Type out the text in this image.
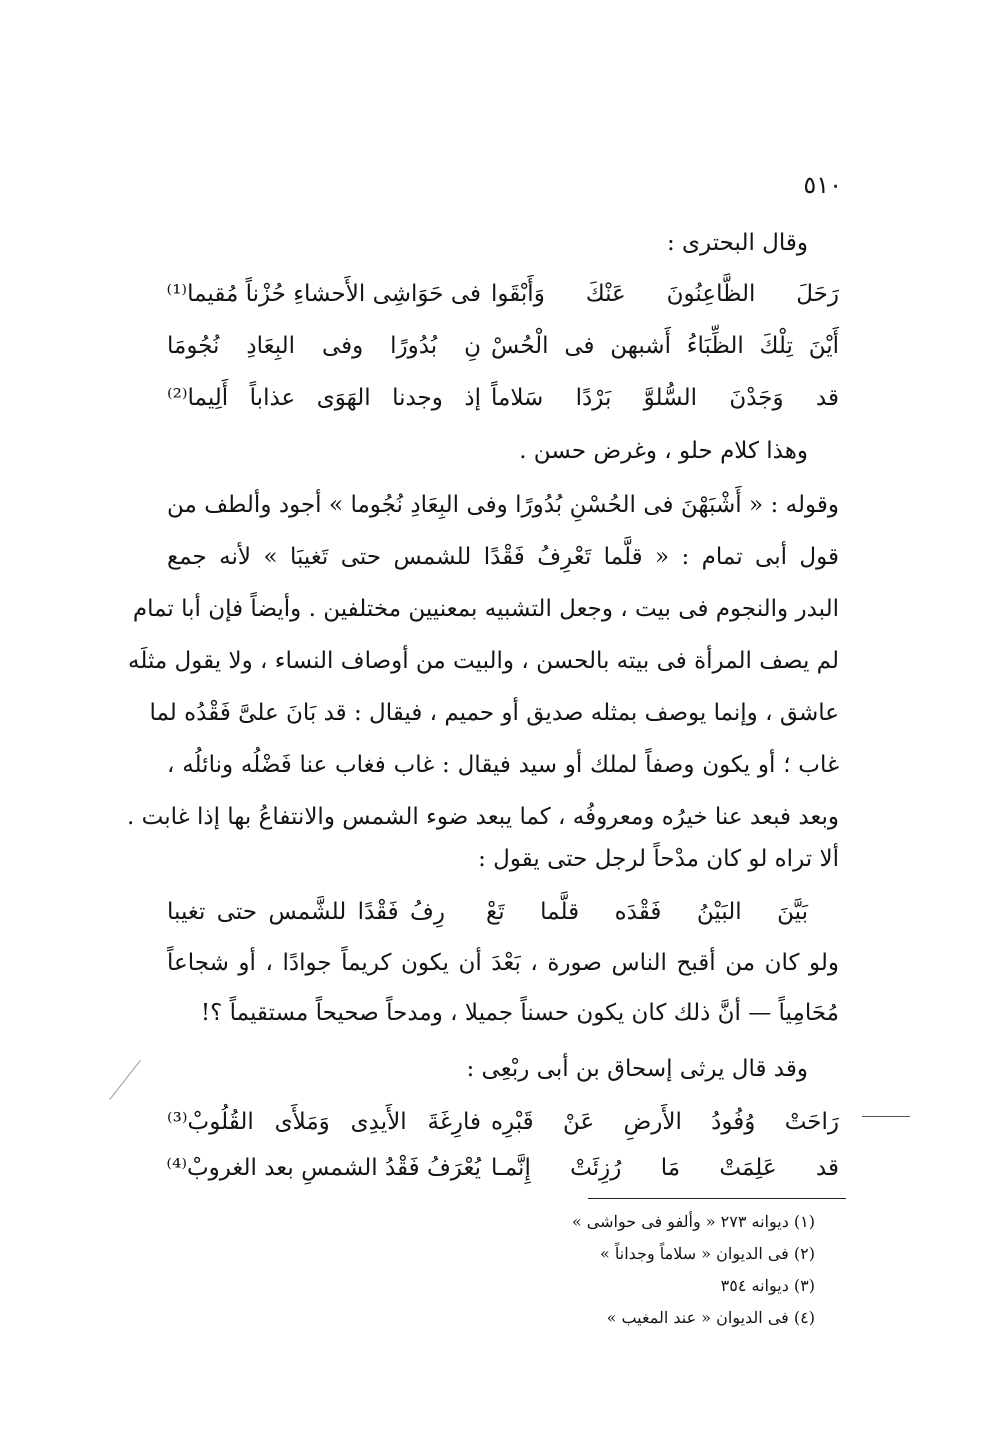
٥١٠
وقال البحترى :
رَحَلَ الظَّاعِنُونَ عَنْكَ وَأَبْقَوا
فى حَوَاشِى الأَحشاءِ حُزْناً مُقيما⁽¹⁾
أَيْنَ تِلْكَ الظِّبَاءُ أَشبهن فى الْحُسْ
نِ بُدُورًا وفى البِعَادِ نُجُومَا
قد وَجَدْنَ السُّلوَّ بَرْدًا سَلاماً
إذ وجدنا الهَوَى عذاباً أَلِيما⁽²⁾
وهذا كلام حلو ، وغرض حسن .
وقوله : « أَشْبَهْنَ فى الحُسْنِ بُدُورًا وفى البِعَادِ نُجُوما » أجود وألطف من
قول أبى تمام : « قلَّما تَعْرِفُ فَقْدًا للشمس حتى تَغيبَا » لأنه جمع
البدر والنجوم فى بيت ، وجعل التشبيه بمعنيين مختلفين . وأيضاً فإن أبا تمام
لم يصف المرأة فى بيته بالحسن ، والبيت من أوصاف النساء ، ولا يقول مثلَه
عاشق ، وإنما يوصف بمثله صديق أو حميم ، فيقال : قد بَانَ علىَّ فَقْدُه لما
غاب ؛ أو يكون وصفاً لملك أو سيد فيقال : غاب فغاب عنا فَضْلُه ونائلُه ،
وبعد فبعد عنا خيرُه ومعروفُه ، كما يبعد ضوء الشمس والانتفاعُ بها إذا غابت .
ألا تراه لو كان مدْحاً لرجل حتى يقول :
بَيَّنَ البَيْنُ فَقْدَه قلَّما تَعْ
رِفُ فَقْدًا للشَّمس حتى تغيبا
ولو كان من أقبح الناس صورة ، بَعْدَ أن يكون كريماً جوادًا ، أو شجاعاً
مُحَامِياً — أنَّ ذلك كان يكون حسناً جميلا ، ومدحاً صحيحاً مستقيماً ؟!
وقد قال يرثى إسحاق بن أبى ربْعِى :
رَاحَتْ وُفُودُ الأَرضِ عَنْ قَبْرِه
فارِغَةَ الأَيدِى وَمَلأَى القُلُوبْ⁽³⁾
قد عَلِمَتْ مَا رُزِئَتْ إِنَّمـا
يُعْرَفُ فَقْدُ الشمسِ بعد الغروبْ⁽⁴⁾
(١) ديوانه ٢٧٣ « وألفو فى حواشى »
(٢) فى الديوان « سلاماً وجداناً »
(٣) ديوانه ٣٥٤
(٤) فى الديوان « عند المغيب »
